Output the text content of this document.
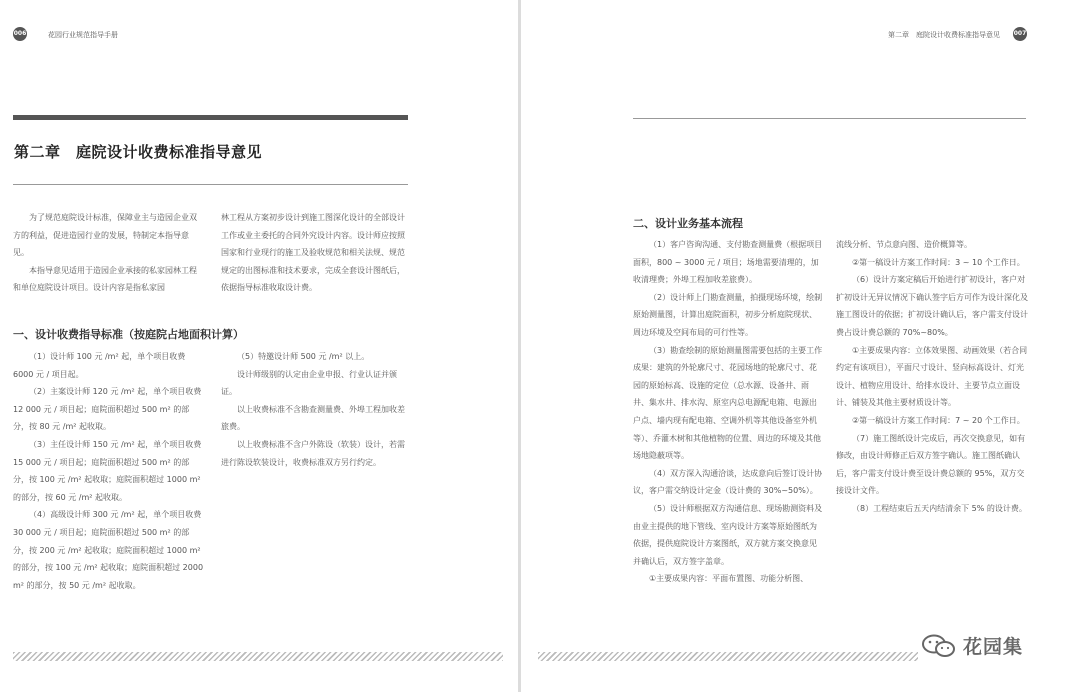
006	花园行业规范指导手册
第二章　庭院设计收费标准指导意见

为了规范庭院设计标准，保障业主与造园企业双方的利益，促进造园行业的发展，特制定本指导意见。

本指导意见适用于造园企业承接的私家园林工程和单位庭院设计项目。设计内容是指私家园

林工程从方案初步设计到施工图深化设计的全部设计工作或业主委托的合同外究设计内容。设计师应按照国家和行业现行的施工及验收规范和相关法规、规范规定的出图标准和技术要求，完成全套设计图纸后，依据指导标准收取设计费。

一、设计收费指导标准（按庭院占地面积计算）

（1）设计师 100 元 /m² 起，单个项目收费 6000 元 / 项目起。

（2）主案设计师 120 元 /m² 起，单个项目收费 12 000 元 / 项目起；庭院面积超过 500 m² 的部分，按 80 元 /m² 起收取。

（3）主任设计师 150 元 /m² 起，单个项目收费 15 000 元 / 项目起；庭院面积超过 500 m² 的部分，按 100 元 /m² 起收取；庭院面积超过 1000 m² 的部分，按 60 元 /m² 起收取。

（4）高级设计师 300 元 /m² 起，单个项目收费 30 000 元 / 项目起；庭院面积超过 500 m² 的部分，按 200 元 /m² 起收取；庭院面积超过 1000 m² 的部分，按 100 元 /m² 起收取；庭院面积超过 2000 m² 的部分，按 50 元 /m² 起收取。

（5）特邀设计师 500 元 /m² 以上。

设计师级别的认定由企业申报、行业认证并颁证。

以上收费标准不含勘查测量费、外埠工程加收差旅费。

以上收费标准不含户外陈设（软装）设计，若需进行陈设软装设计，收费标准双方另行约定。

第二章　庭院设计收费标准指导意见 007
二、设计业务基本流程

（1）客户咨询沟通、支付勘查测量费（根据项目面积，800 ~ 3000 元 / 项目；场地需要清理的，加收清理费；外埠工程加收差旅费）。

（2）设计师上门勘查测量，拍摄现场环境，绘制原始测量图，计算出庭院面积，初步分析庭院现状、周边环境及空间布局的可行性等。

（3）勘查绘制的原始测量图需要包括的主要工作成果：建筑的外轮廓尺寸、花园场地的轮廓尺寸、花园的原始标高、设施的定位（总水源、设备井、雨井、集水井、排水沟、原室内总电源配电箱、电源出户点、墙内现有配电箱、空调外机等其他设备室外机等）、乔灌木树和其他植物的位置、周边的环境及其他场地隐蔽项等。

（4）双方深入沟通洽谈，达成意向后签订设计协议，客户需交纳设计定金（设计费的 30%~50%）。

（5）设计师根据双方沟通信息、现场勘测资料及由业主提供的地下管线、室内设计方案等原始图纸为依据，提供庭院设计方案图纸，双方就方案交换意见并确认后，双方签字盖章。

①主要成果内容：平面布置图、功能分析图、

流线分析、节点意向图、造价概算等。

②第一稿设计方案工作时间：3 ~ 10 个工作日。

（6）设计方案定稿后开始进行扩初设计，客户对扩初设计无异议情况下确认签字后方可作为设计深化及施工图设计的依据；扩初设计确认后，客户需支付设计费占设计费总额的 70%~80%。

①主要成果内容：立体效果图、动画效果（若合同约定有该项目），平面尺寸设计、竖向标高设计、灯光设计、植物应用设计、给排水设计、主要节点立面设计、铺装及其他主要材质设计等。

②第一稿设计方案工作时间：7 ~ 20 个工作日。

（7）施工图纸设计完成后，再次交换意见，如有修改，由设计师修正后双方签字确认。施工图纸确认后，客户需支付设计费至设计费总额的 95%，双方交接设计文件。

（8）工程结束后五天内结清余下 5% 的设计费。

花园集
